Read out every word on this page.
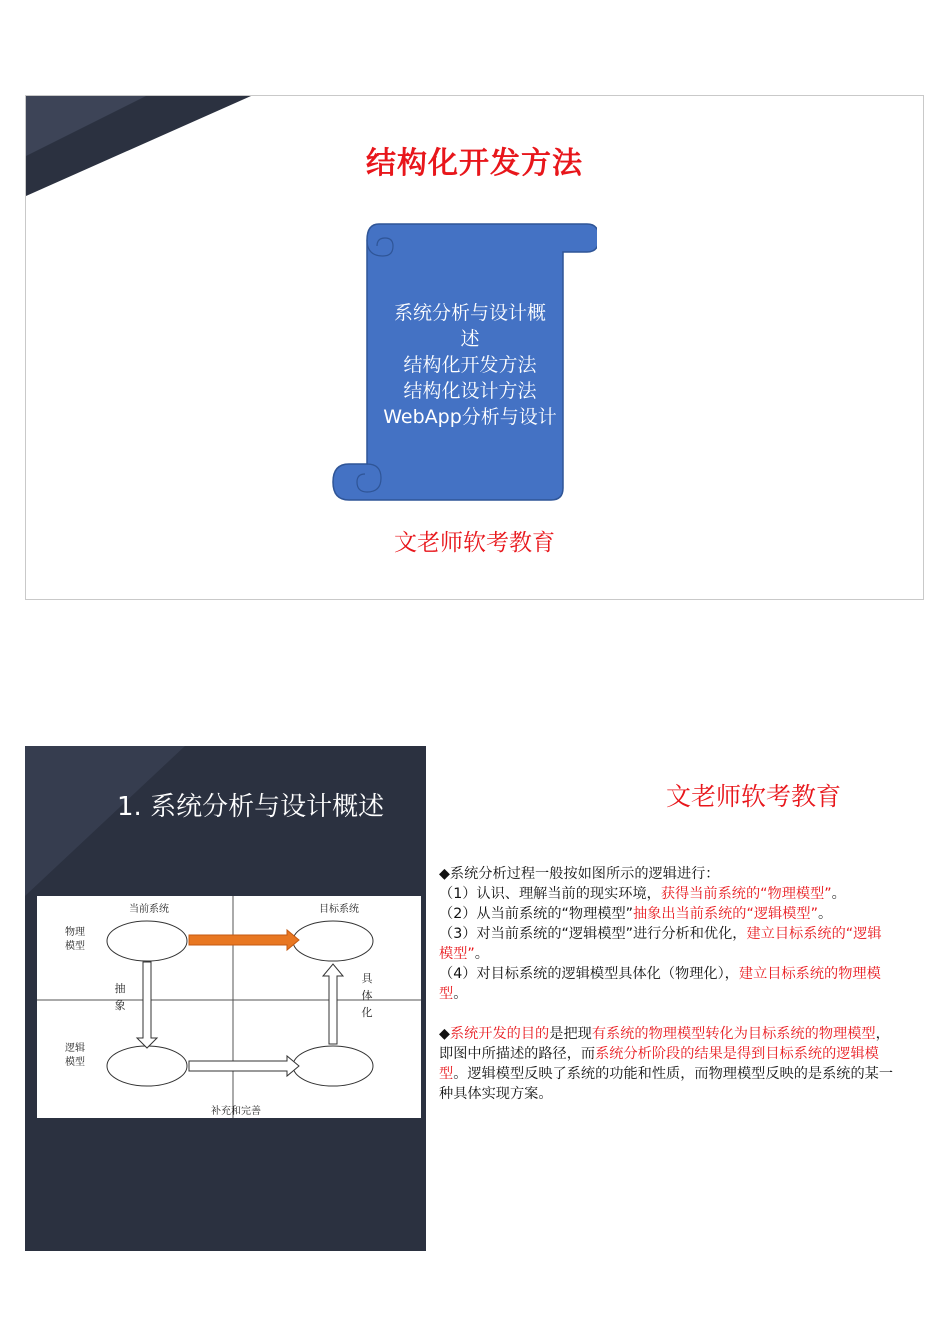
结构化开发方法
系统分析与设计概
述
结构化开发方法
结构化设计方法
WebApp分析与设计
文老师软考教育
1. 系统分析与设计概述
当前系统	目标系统
物理模型
逻辑模型
抽象
具体化
补充和完善
文老师软考教育

◆系统分析过程一般按如图所示的逻辑进行：

（1）认识、理解当前的现实环境，获得当前系统的“物理模型”。

（2）从当前系统的“物理模型”抽象出当前系统的“逻辑模型”。

（3）对当前系统的“逻辑模型”进行分析和优化，建立目标系统的“逻辑模型”。

（4）对目标系统的逻辑模型具体化（物理化），建立目标系统的物理模型。

◆系统开发的目的是把现有系统的物理模型转化为目标系统的物理模型，即图中所描述的路径，而系统分析阶段的结果是得到目标系统的逻辑模型。逻辑模型反映了系统的功能和性质，而物理模型反映的是系统的某一种具体实现方案。
